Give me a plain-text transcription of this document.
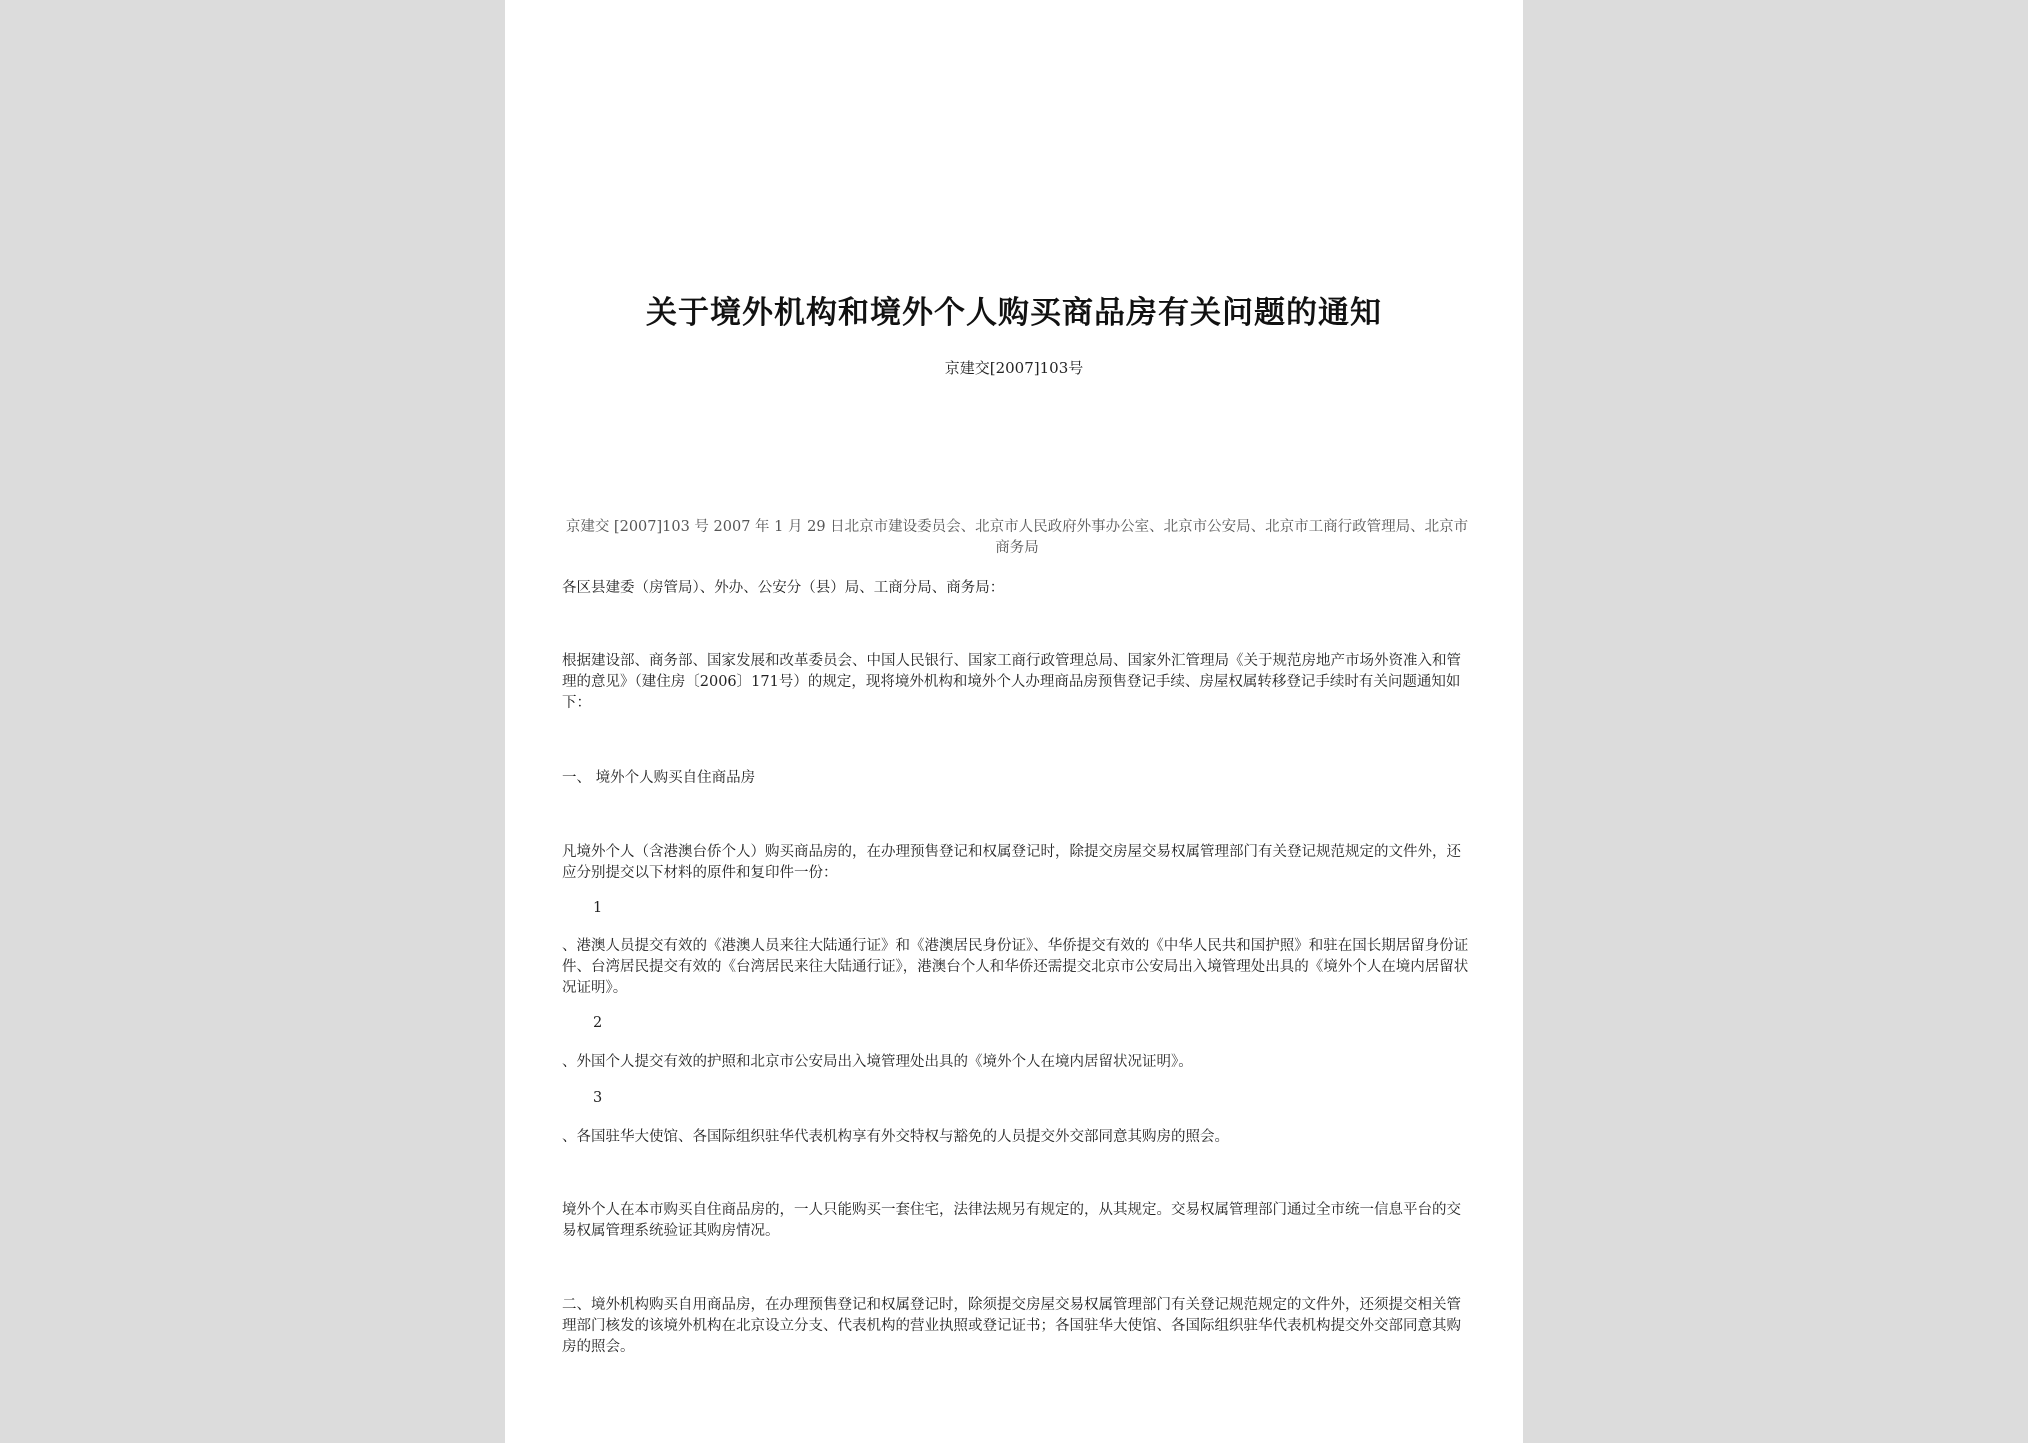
关于境外机构和境外个人购买商品房有关问题的通知
京建交[2007]103号
京建交 [2007]103 号 2007 年 1 月 29 日北京市建设委员会、北京市人民政府外事办公室、北京市公安局、北京市工商行政管理局、北京市商务局
各区县建委（房管局）、外办、公安分（县）局、工商分局、商务局：
根据建设部、商务部、国家发展和改革委员会、中国人民银行、国家工商行政管理总局、国家外汇管理局《关于规范房地产市场外资准入和管理的意见》（建住房〔2006〕171号）的规定，现将境外机构和境外个人办理商品房预售登记手续、房屋权属转移登记手续时有关问题通知如下：
一、 境外个人购买自住商品房
凡境外个人（含港澳台侨个人）购买商品房的，在办理预售登记和权属登记时，除提交房屋交易权属管理部门有关登记规范规定的文件外，还应分别提交以下材料的原件和复印件一份：
1
、港澳人员提交有效的《港澳人员来往大陆通行证》和《港澳居民身份证》、华侨提交有效的《中华人民共和国护照》和驻在国长期居留身份证件、台湾居民提交有效的《台湾居民来往大陆通行证》，港澳台个人和华侨还需提交北京市公安局出入境管理处出具的《境外个人在境内居留状况证明》。
2
、外国个人提交有效的护照和北京市公安局出入境管理处出具的《境外个人在境内居留状况证明》。
3
、各国驻华大使馆、各国际组织驻华代表机构享有外交特权与豁免的人员提交外交部同意其购房的照会。
境外个人在本市购买自住商品房的，一人只能购买一套住宅，法律法规另有规定的，从其规定。交易权属管理部门通过全市统一信息平台的交易权属管理系统验证其购房情况。
二、境外机构购买自用商品房，在办理预售登记和权属登记时，除须提交房屋交易权属管理部门有关登记规范规定的文件外，还须提交相关管理部门核发的该境外机构在北京设立分支、代表机构的营业执照或登记证书；各国驻华大使馆、各国际组织驻华代表机构提交外交部同意其购房的照会。
